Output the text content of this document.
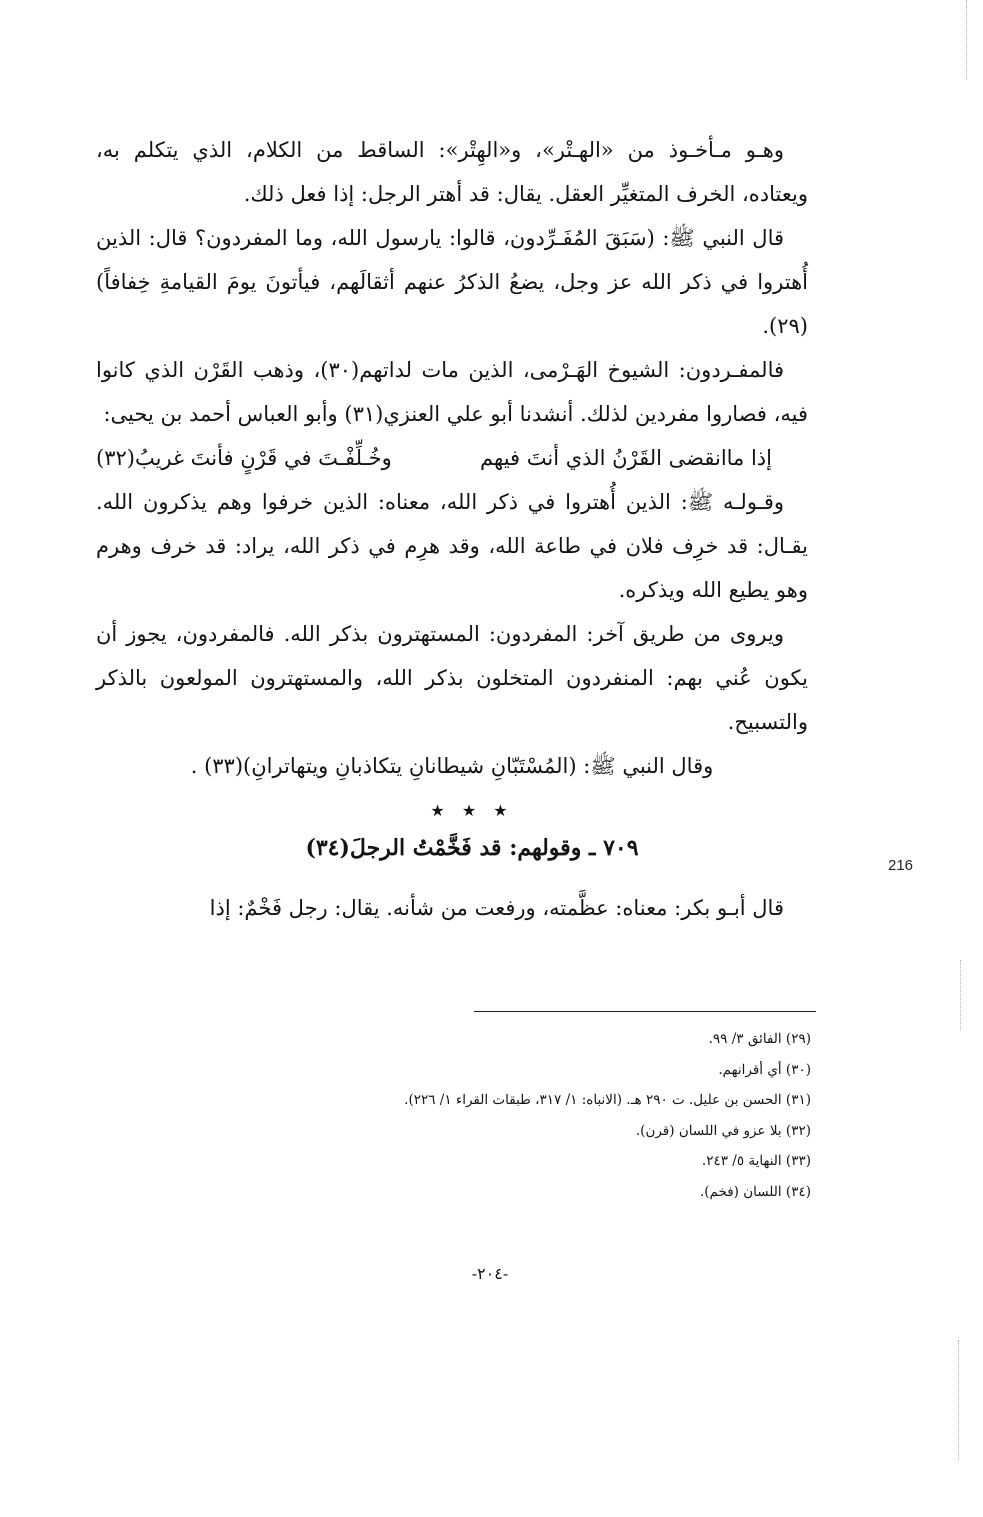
وهـو مـأخـوذ من «الهـتْر»، و«الهِتْر»: الساقط من الكلام، الذي يتكلم به، ويعتاده، الخرف المتغيِّر العقل. يقال: قد أهتر الرجل: إذا فعل ذلك.

قال النبي ﷺ: (سَبَقَ المُفَـرِّدون، قالوا: يارسول الله، وما المفردون؟ قال: الذين أُهتروا في ذكر الله عز وجل، يضعُ الذكرُ عنهم أثقالَهم، فيأتونَ يومَ القيامةِ خِفافاً)(٢٩).

فالمفـردون: الشيوخ الهَـرْمى، الذين مات لداتهم(٣٠)، وذهب القَرْن الذي كانوا فيه، فصاروا مفردين لذلك. أنشدنا أبو علي العنزي(٣١) وأبو العباس أحمد بن يحيى:

إذا ماانقضى القَرْنُ الذي أنتَ فيهم
وخُـلِّفْـتَ في قَرْنٍ فأنتَ غريبُ(٣٢)

وقـولـه ﷺ: الذين أُهتروا في ذكر الله، معناه: الذين خرفوا وهم يذكرون الله. يقـال: قد خرِف فلان في طاعة الله، وقد هرِم في ذكر الله، يراد: قد خرف وهرم وهو يطيع الله ويذكره.

ويروى من طريق آخر: المفردون: المستهترون بذكر الله. فالمفردون، يجوز أن يكون عُني بهم: المنفردون المتخلون بذكر الله، والمستهترون المولعون بالذكر والتسبيح.

وقال النبي ﷺ: (المُسْتَبّانِ شيطانانِ يتكاذبانِ ويتهاترانِ)(٣٣) .

★ ★ ★

٧٠٩ ـ وقولهم: قد فَخَّمْتُ الرجلَ(٣٤)

قال أبـو بكر: معناه: عظَّمته، ورفعت من شأنه. يقال: رجل فَخْمٌ: إذا

216
(٢٩) الفائق ٣/ ٩٩.
(٣٠) أي أقرانهم.
(٣١) الحسن بن عليل. ت ٢٩٠ هـ. (الانباه: ١/ ٣١٧، طبقات القراء ١/ ٢٢٦).
(٣٢) بلا عزو في اللسان (قرن).
(٣٣) النهاية ٥/ ٢٤٣.
(٣٤) اللسان (فخم).
-٢٠٤-
